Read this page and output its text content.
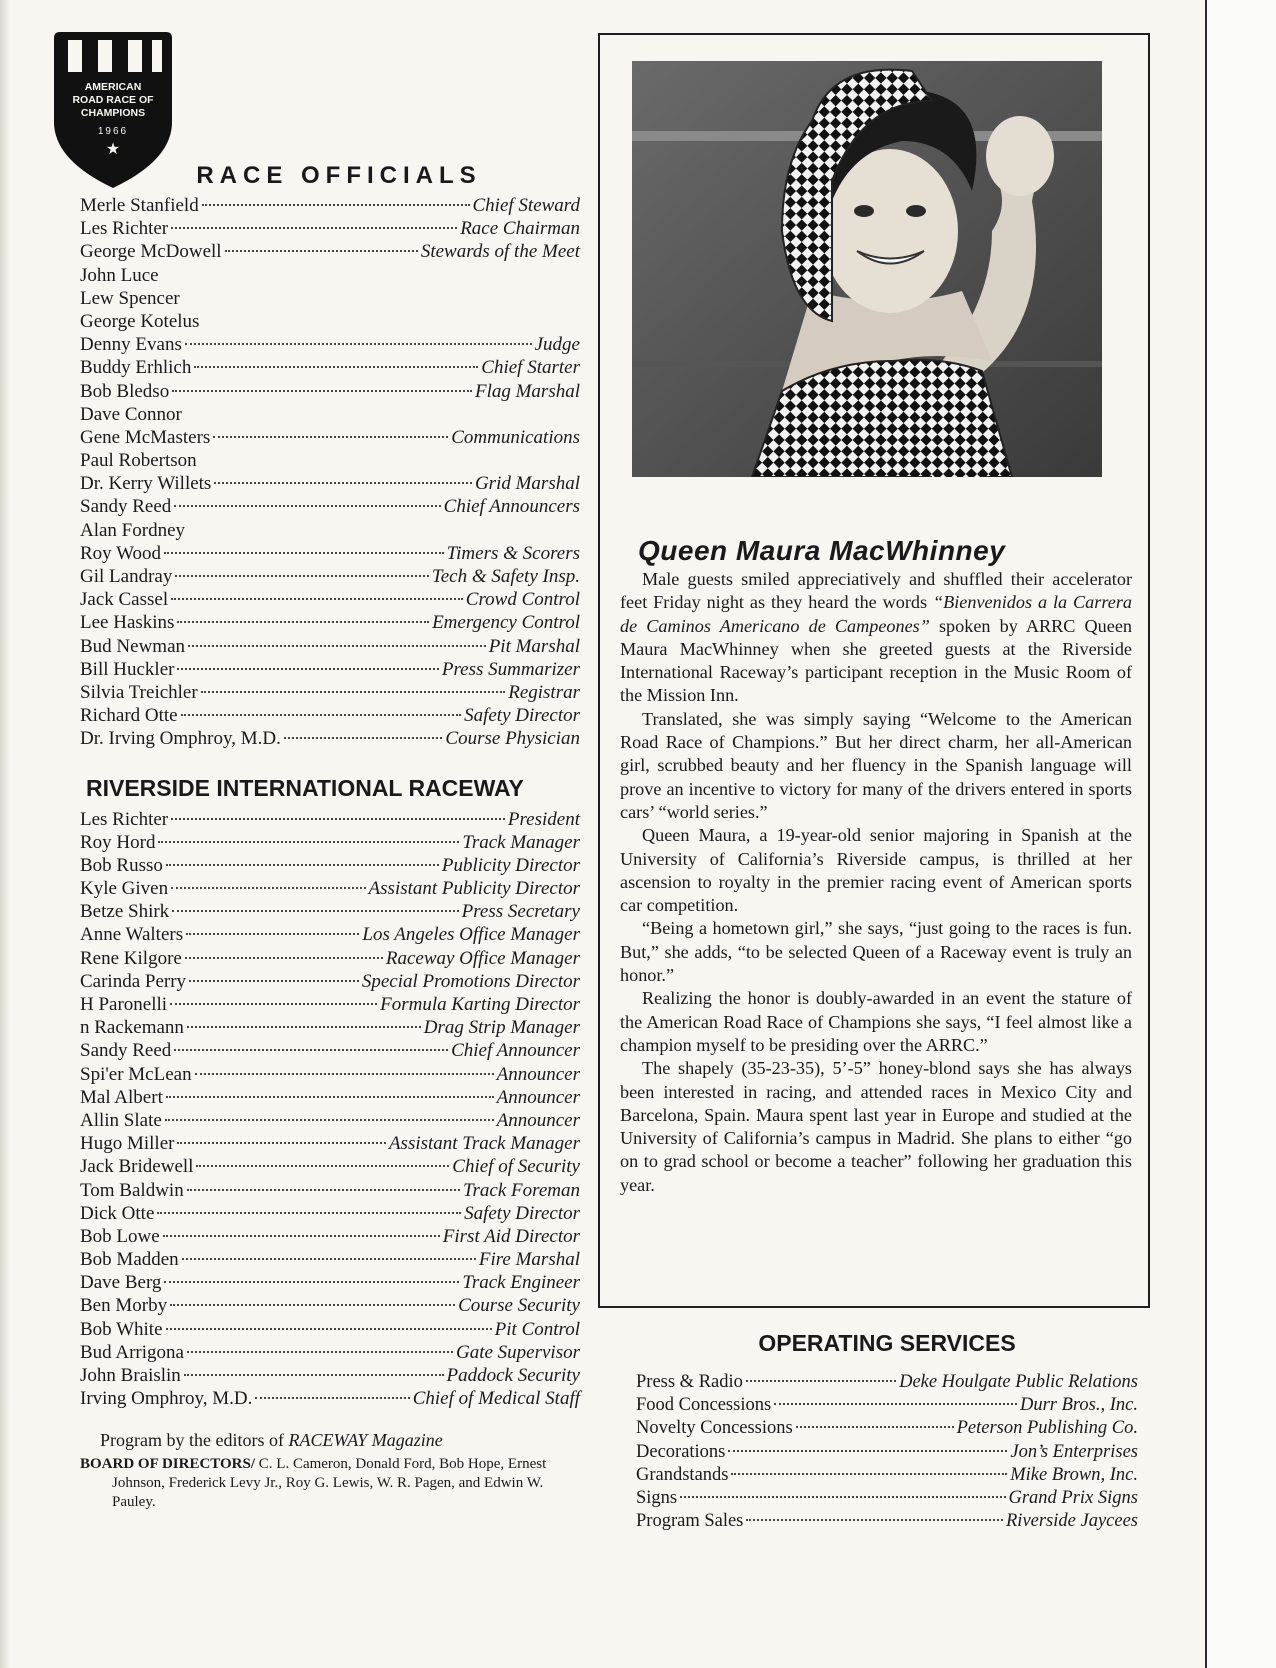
AMERICAN
ROAD RACE OF
CHAMPIONS
1966
★
RACE OFFICIALS
Merle Stanfield	Chief Steward
Les Richter	Race Chairman
George McDowell	Stewards of the Meet
John Luce
Lew Spencer
George Kotelus
Denny Evans	Judge
Buddy Erhlich	Chief Starter
Bob Bledso	Flag Marshal
Dave Connor
Gene McMasters	Communications
Paul Robertson
Dr. Kerry Willets	Grid Marshal
Sandy Reed	Chief Announcers
Alan Fordney
Roy Wood	Timers & Scorers
Gil Landray	Tech & Safety Insp.
Jack Cassel	Crowd Control
Lee Haskins	Emergency Control
Bud Newman	Pit Marshal
Bill Huckler	Press Summarizer
Silvia Treichler	Registrar
Richard Otte	Safety Director
Dr. Irving Omphroy, M.D.	Course Physician
RIVERSIDE INTERNATIONAL RACEWAY
Les Richter	President
Roy Hord	Track Manager
Bob Russo	Publicity Director
Kyle Given	Assistant Publicity Director
Betze Shirk	Press Secretary
Anne Walters	Los Angeles Office Manager
Rene Kilgore	Raceway Office Manager
Carinda Perry	Special Promotions Director
H Paronelli	Formula Karting Director
n Rackemann	Drag Strip Manager
Sandy Reed	Chief Announcer
Spi'er McLean	Announcer
Mal Albert	Announcer
Allin Slate	Announcer
Hugo Miller	Assistant Track Manager
Jack Bridewell	Chief of Security
Tom Baldwin	Track Foreman
Dick Otte	Safety Director
Bob Lowe	First Aid Director
Bob Madden	Fire Marshal
Dave Berg	Track Engineer
Ben Morby	Course Security
Bob White	Pit Control
Bud Arrigona	Gate Supervisor
John Braislin	Paddock Security
Irving Omphroy, M.D.	Chief of Medical Staff

Program by the editors of RACEWAY Magazine

BOARD OF DIRECTORS/ C. L. Cameron, Donald Ford, Bob Hope, Ernest Johnson, Frederick Levy Jr., Roy G. Lewis, W. R. Pagen, and Edwin W. Pauley.

Queen Maura MacWhinney

Male guests smiled appreciatively and shuffled their accelerator feet Friday night as they heard the words “Bienvenidos a la Carrera de Caminos Americano de Campeones” spoken by ARRC Queen Maura MacWhinney when she greeted guests at the Riverside International Raceway’s participant reception in the Music Room of the Mission Inn.

Translated, she was simply saying “Welcome to the American Road Race of Champions.” But her direct charm, her all-American girl, scrubbed beauty and her fluency in the Spanish language will prove an incentive to victory for many of the drivers entered in sports cars’ “world series.”

Queen Maura, a 19-year-old senior majoring in Spanish at the University of California’s Riverside campus, is thrilled at her ascension to royalty in the premier racing event of American sports car competition.

“Being a hometown girl,” she says, “just going to the races is fun. But,” she adds, “to be selected Queen of a Raceway event is truly an honor.”

Realizing the honor is doubly-awarded in an event the stature of the American Road Race of Champions she says, “I feel almost like a champion myself to be presiding over the ARRC.”

The shapely (35-23-35), 5’-5” honey-blond says she has always been interested in racing, and attended races in Mexico City and Barcelona, Spain. Maura spent last year in Europe and studied at the University of California’s campus in Madrid. She plans to either “go on to grad school or become a teacher” following her graduation this year.

OPERATING SERVICES
Press & Radio	Deke Houlgate Public Relations
Food Concessions	Durr Bros., Inc.
Novelty Concessions	Peterson Publishing Co.
Decorations	Jon’s Enterprises
Grandstands	Mike Brown, Inc.
Signs	Grand Prix Signs
Program Sales	Riverside Jaycees
